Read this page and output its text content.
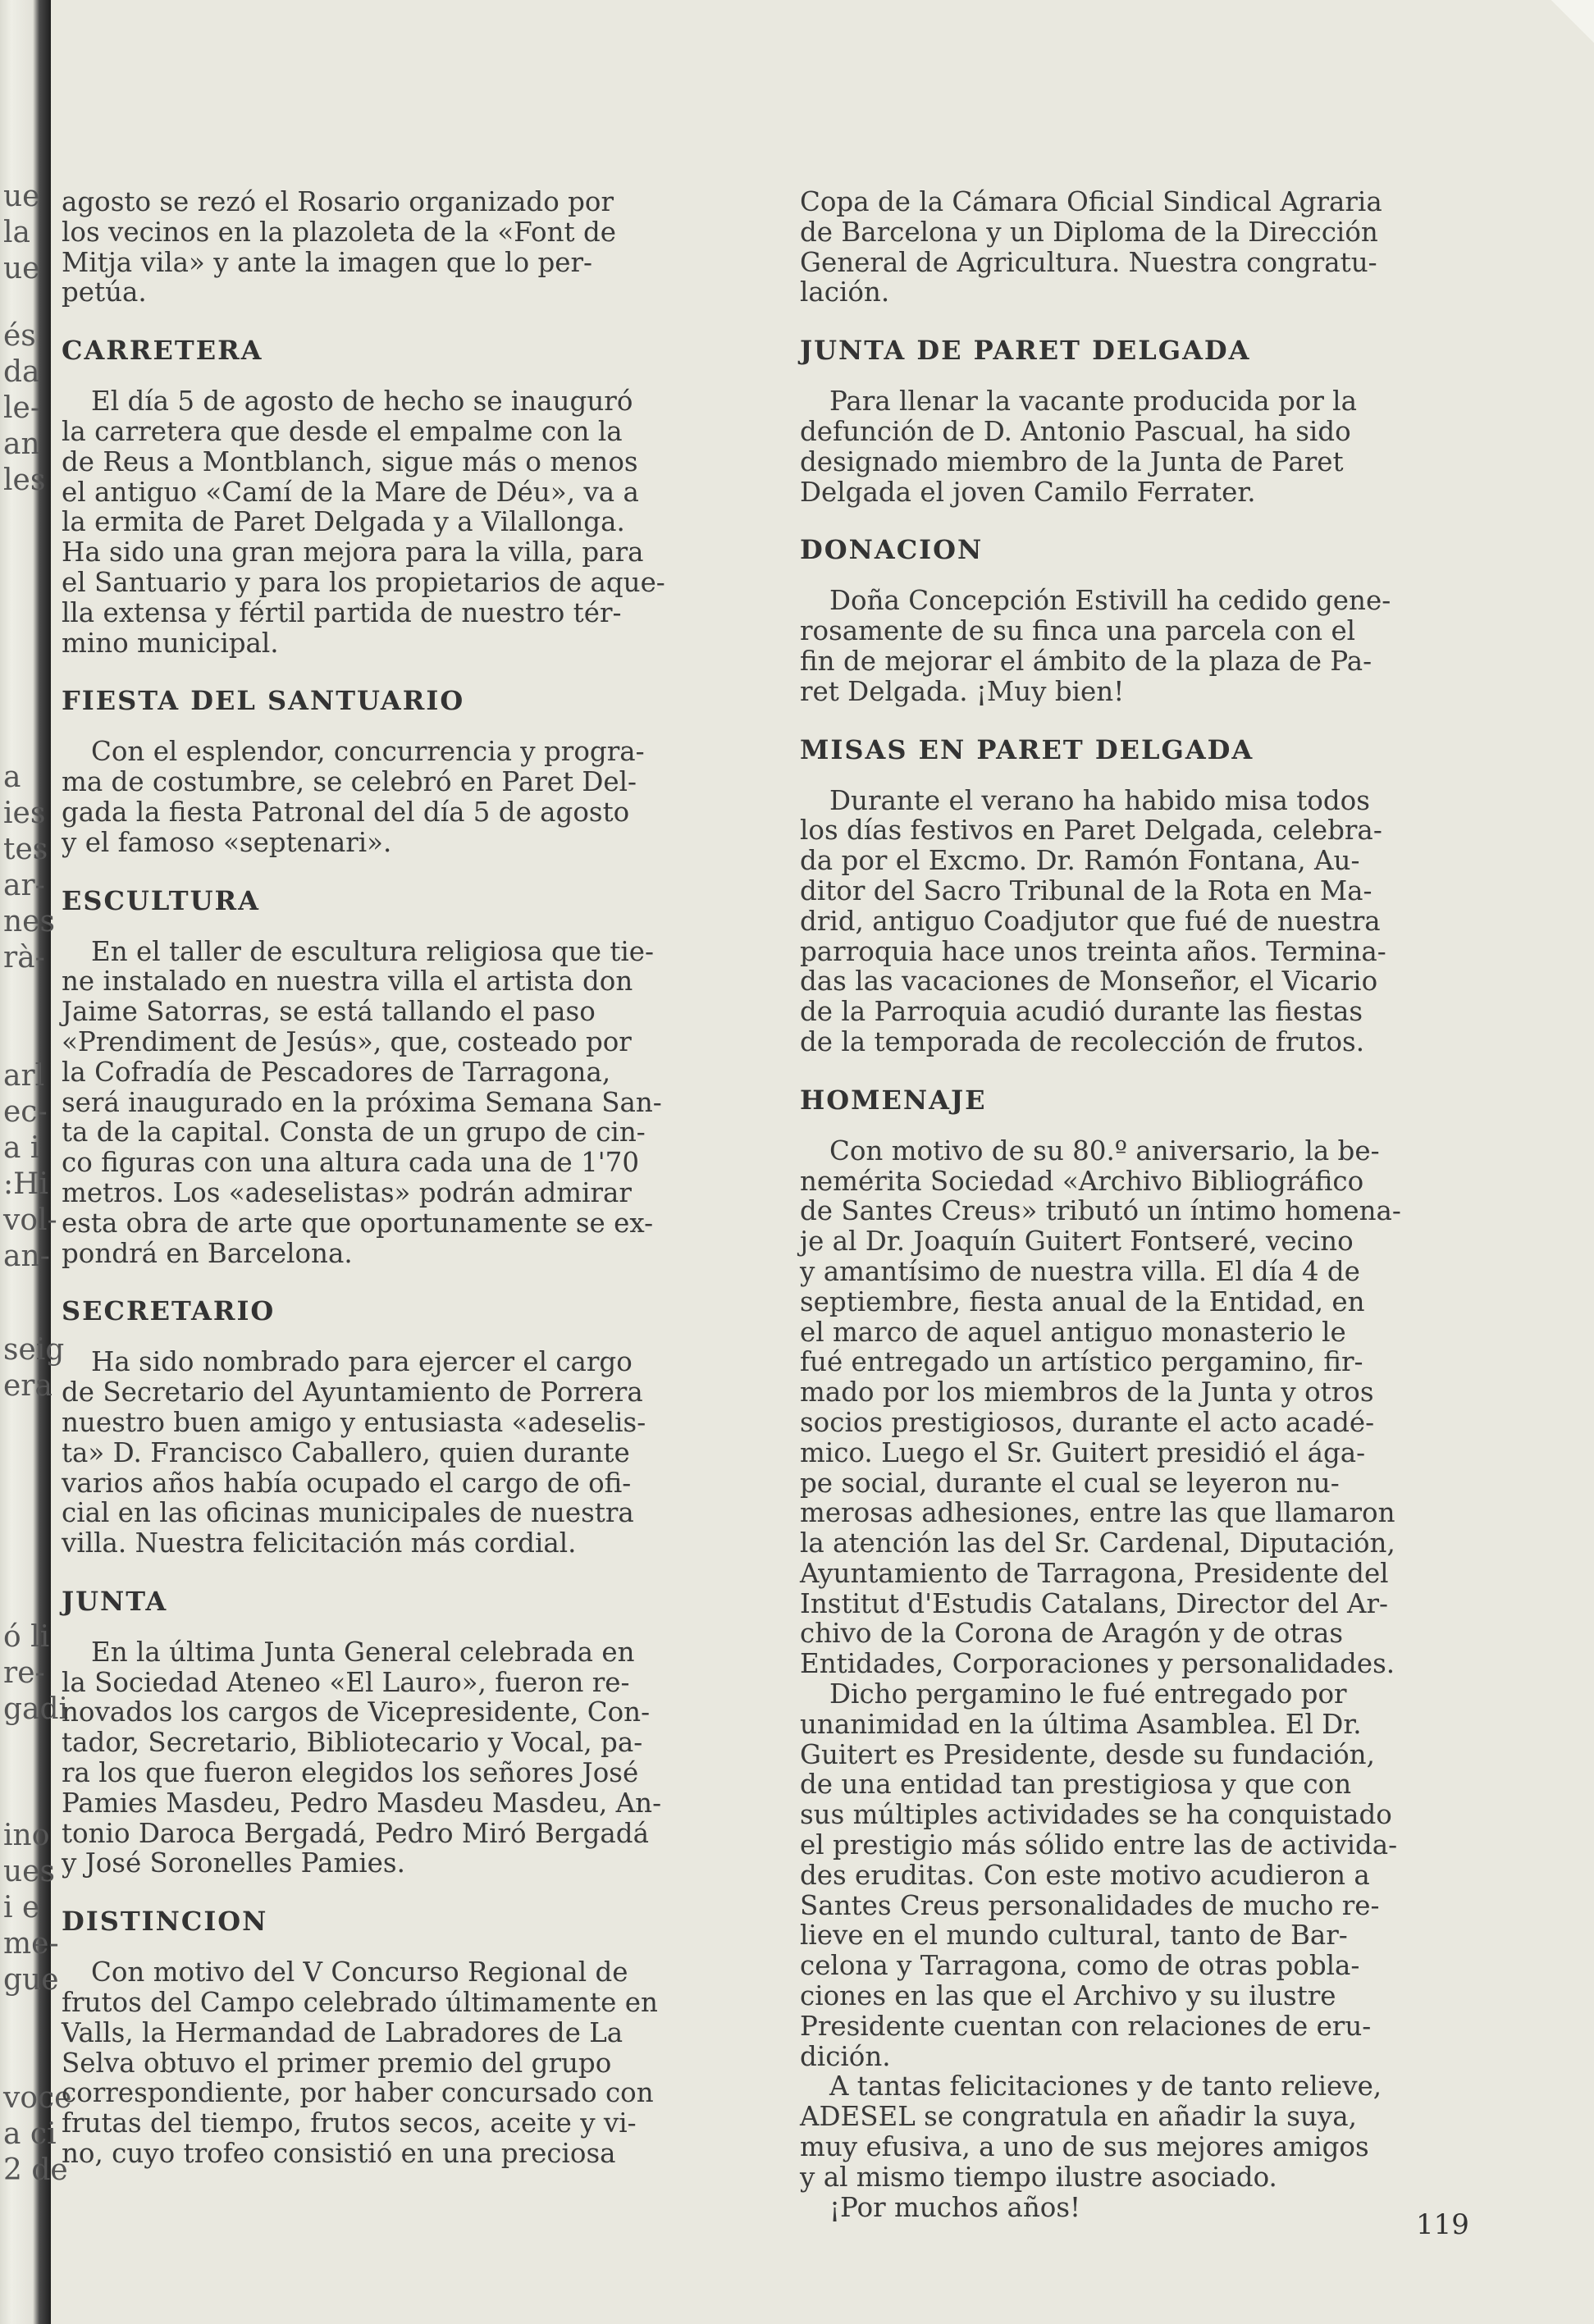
ue
la
ue
és
da
le-
an
les
a
ies
tes
ar-
nes
rà-
arl
ec-
a i
:Hi
vol-
an-
seig
era
ó li
re-
gadi
ino
ues
i e
me-
gue
voce
a ci
2 de

agosto se rezó el Rosario organizado por
los vecinos en la plazoleta de la «Font de
Mitja vila» y ante la imagen que lo per-
petúa.

CARRETERA

El día 5 de agosto de hecho se inauguró
la carretera que desde el empalme con la
de Reus a Montblanch, sigue más o menos
el antiguo «Camí de la Mare de Déu», va a
la ermita de Paret Delgada y a Vilallonga.
Ha sido una gran mejora para la villa, para
el Santuario y para los propietarios de aque-
lla extensa y fértil partida de nuestro tér-
mino municipal.

FIESTA DEL SANTUARIO

Con el esplendor, concurrencia y progra-
ma de costumbre, se celebró en Paret Del-
gada la fiesta Patronal del día 5 de agosto
y el famoso «septenari».

ESCULTURA

En el taller de escultura religiosa que tie-
ne instalado en nuestra villa el artista don
Jaime Satorras, se está tallando el paso
«Prendiment de Jesús», que, costeado por
la Cofradía de Pescadores de Tarragona,
será inaugurado en la próxima Semana San-
ta de la capital. Consta de un grupo de cin-
co figuras con una altura cada una de 1'70
metros. Los «adeselistas» podrán admirar
esta obra de arte que oportunamente se ex-
pondrá en Barcelona.

SECRETARIO

Ha sido nombrado para ejercer el cargo
de Secretario del Ayuntamiento de Porrera
nuestro buen amigo y entusiasta «adeselis-
ta» D. Francisco Caballero, quien durante
varios años había ocupado el cargo de ofi-
cial en las oficinas municipales de nuestra
villa. Nuestra felicitación más cordial.

JUNTA

En la última Junta General celebrada en
la Sociedad Ateneo «El Lauro», fueron re-
novados los cargos de Vicepresidente, Con-
tador, Secretario, Bibliotecario y Vocal, pa-
ra los que fueron elegidos los señores José
Pamies Masdeu, Pedro Masdeu Masdeu, An-
tonio Daroca Bergadá, Pedro Miró Bergadá
y José Soronelles Pamies.

DISTINCION

Con motivo del V Concurso Regional de
frutos del Campo celebrado últimamente en
Valls, la Hermandad de Labradores de La
Selva obtuvo el primer premio del grupo
correspondiente, por haber concursado con
frutas del tiempo, frutos secos, aceite y vi-
no, cuyo trofeo consistió en una preciosa

Copa de la Cámara Oficial Sindical Agraria
de Barcelona y un Diploma de la Dirección
General de Agricultura. Nuestra congratu-
lación.

JUNTA DE PARET DELGADA

Para llenar la vacante producida por la
defunción de D. Antonio Pascual, ha sido
designado miembro de la Junta de Paret
Delgada el joven Camilo Ferrater.

DONACION

Doña Concepción Estivill ha cedido gene-
rosamente de su finca una parcela con el
fin de mejorar el ámbito de la plaza de Pa-
ret Delgada. ¡Muy bien!

MISAS EN PARET DELGADA

Durante el verano ha habido misa todos
los días festivos en Paret Delgada, celebra-
da por el Excmo. Dr. Ramón Fontana, Au-
ditor del Sacro Tribunal de la Rota en Ma-
drid, antiguo Coadjutor que fué de nuestra
parroquia hace unos treinta años. Termina-
das las vacaciones de Monseñor, el Vicario
de la Parroquia acudió durante las fiestas
de la temporada de recolección de frutos.

HOMENAJE

Con motivo de su 80.º aniversario, la be-
nemérita Sociedad «Archivo Bibliográfico
de Santes Creus» tributó un íntimo homena-
je al Dr. Joaquín Guitert Fontseré, vecino
y amantísimo de nuestra villa. El día 4 de
septiembre, fiesta anual de la Entidad, en
el marco de aquel antiguo monasterio le
fué entregado un artístico pergamino, fir-
mado por los miembros de la Junta y otros
socios prestigiosos, durante el acto acadé-
mico. Luego el Sr. Guitert presidió el ága-
pe social, durante el cual se leyeron nu-
merosas adhesiones, entre las que llamaron
la atención las del Sr. Cardenal, Diputación,
Ayuntamiento de Tarragona, Presidente del
Institut d'Estudis Catalans, Director del Ar-
chivo de la Corona de Aragón y de otras
Entidades, Corporaciones y personalidades.

Dicho pergamino le fué entregado por
unanimidad en la última Asamblea. El Dr.
Guitert es Presidente, desde su fundación,
de una entidad tan prestigiosa y que con
sus múltiples actividades se ha conquistado
el prestigio más sólido entre las de activida-
des eruditas. Con este motivo acudieron a
Santes Creus personalidades de mucho re-
lieve en el mundo cultural, tanto de Bar-
celona y Tarragona, como de otras pobla-
ciones en las que el Archivo y su ilustre
Presidente cuentan con relaciones de eru-
dición.

A tantas felicitaciones y de tanto relieve,
ADESEL se congratula en añadir la suya,
muy efusiva, a uno de sus mejores amigos
y al mismo tiempo ilustre asociado.

¡Por muchos años!

119
